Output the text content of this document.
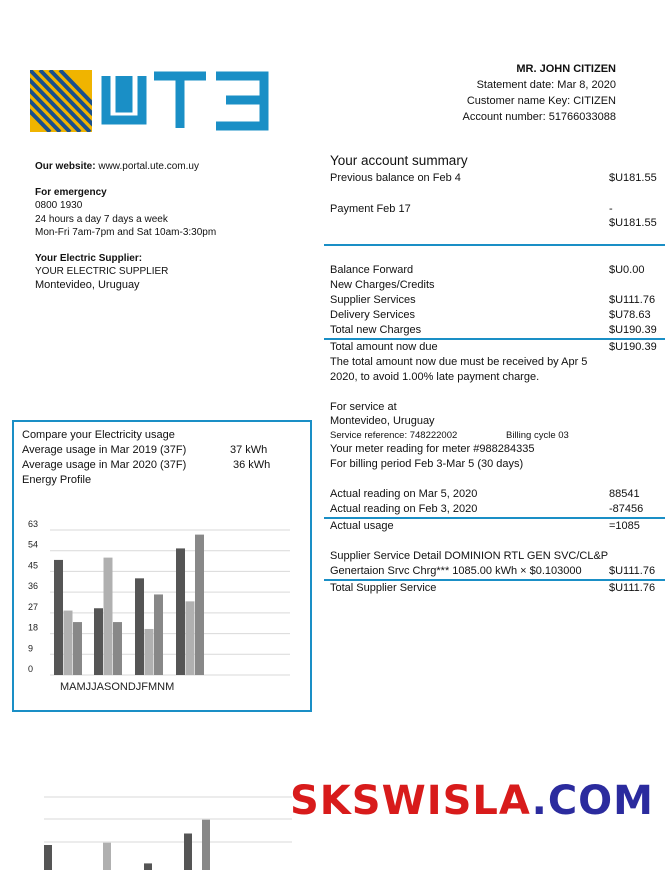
MR. JOHN CITIZEN
Statement date: Mar 8, 2020
Customer name Key: CITIZEN
Account number: 51766033088
Our website: www.portal.ute.com.uy
For emergency
0800 1930
24 hours a day 7 days a week
Mon-Fri 7am-7pm and Sat 10am-3:30pm
Your Electric Supplier:
YOUR ELECTRIC SUPPLIER
Montevideo, Uruguay
Your account summary
Previous balance on Feb 4	$U181.55
Payment Feb 17	-
$U181.55
Balance Forward	$U0.00
New Charges/Credits
Supplier Services	$U111.76
Delivery Services	$U78.63
Total new Charges	$U190.39
Total amount now due	$U190.39
The total amount now due must be received by Apr 5
2020, to avoid 1.00% late payment charge.
For service at
Montevideo, Uruguay
Service reference: 748222002	Billing cycle 03
Your meter reading for meter #988284335
For billing period Feb 3-Mar 5 (30 days)
Actual reading on Mar 5, 2020	88541
Actual reading on Feb 3, 2020	-87456
Actual usage	=1085
Supplier Service Detail DOMINION RTL GEN SVC/CL&P
Genertaion Srvc Chrg*** 1085.00 kWh × $0.103000 $U111.76
Total Supplier Service	$U111.76
Compare your Electricity usage
Average usage in Mar 2019 (37F)	37 kWh
Average usage in Mar 2020 (37F)	36 kWh
Energy Profile
0
9
18
27
36
45
54
63
MAMJJASONDJFMNM
SKSWISLA.COM
